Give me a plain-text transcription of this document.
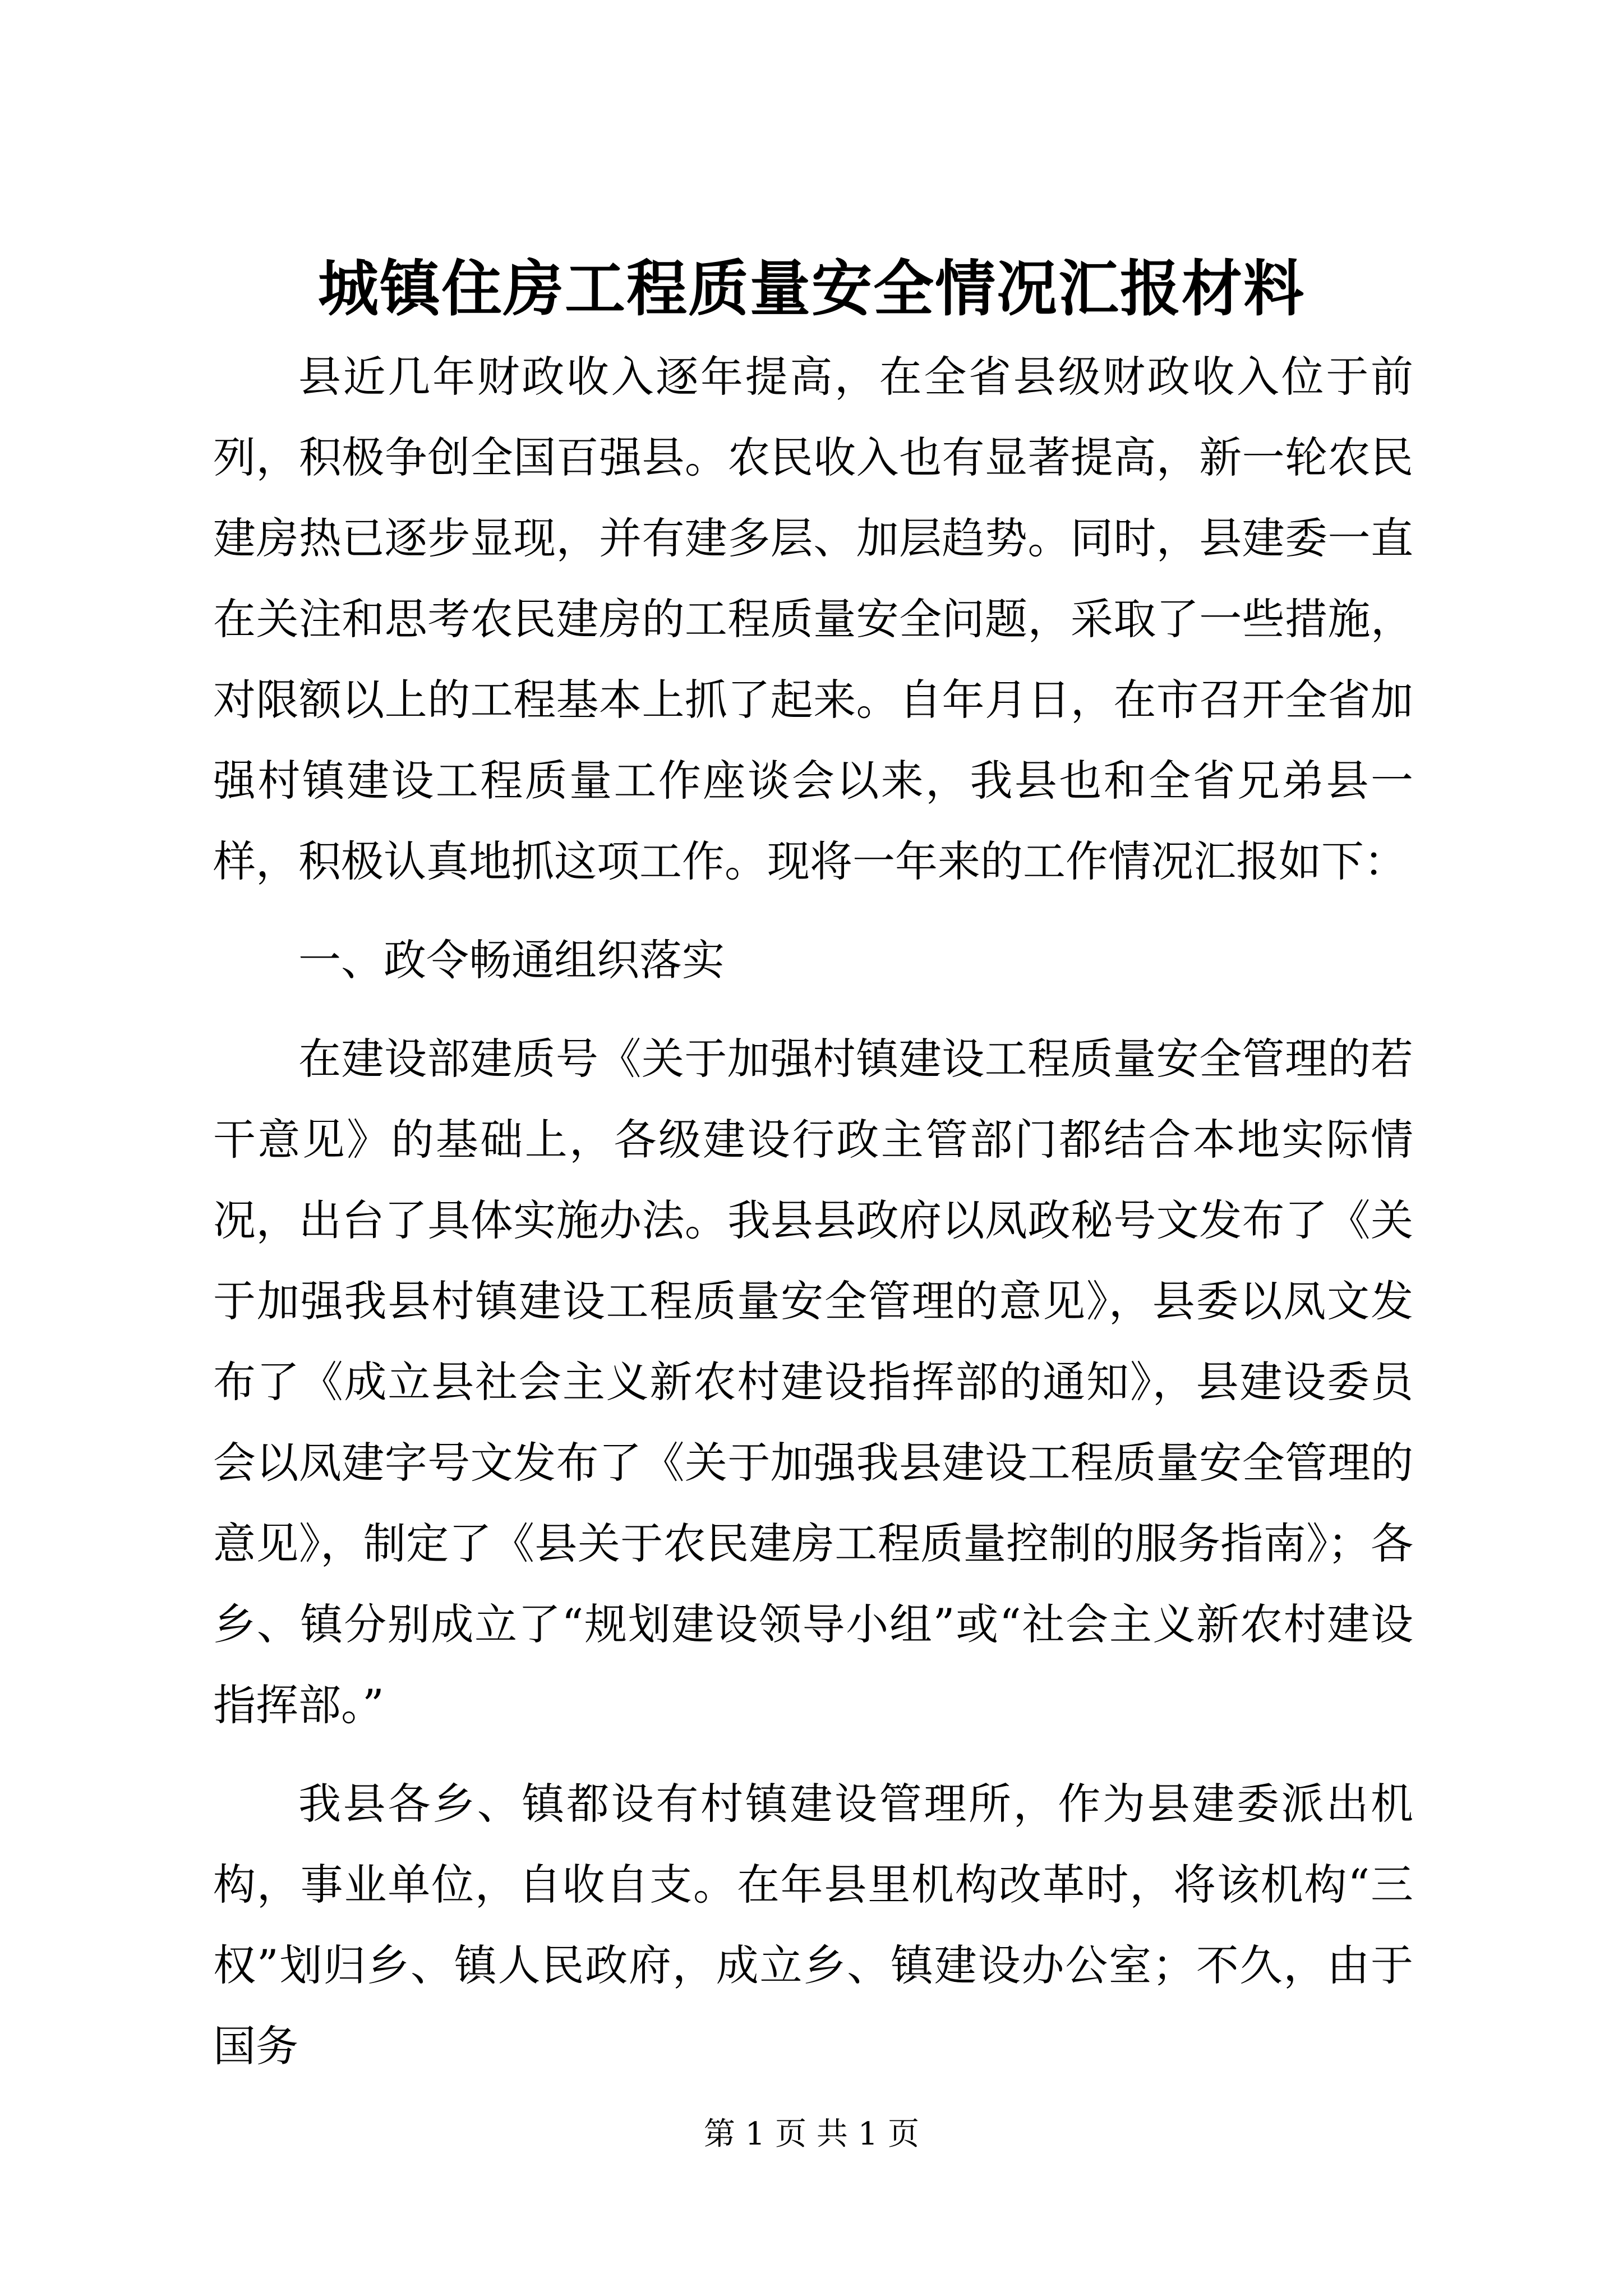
城镇住房工程质量安全情况汇报材料

县近几年财政收入逐年提高，在全省县级财政收入位于前列，积极争创全国百强县。农民收入也有显著提高，新一轮农民建房热已逐步显现，并有建多层、加层趋势。同时，县建委一直在关注和思考农民建房的工程质量安全问题，采取了一些措施，对限额以上的工程基本上抓了起来。自年月日，在市召开全省加强村镇建设工程质量工作座谈会以来，我县也和全省兄弟县一样，积极认真地抓这项工作。现将一年来的工作情况汇报如下：

一、政令畅通组织落实

在建设部建质号《关于加强村镇建设工程质量安全管理的若干意见》的基础上，各级建设行政主管部门都结合本地实际情况，出台了具体实施办法。我县县政府以凤政秘号文发布了《关于加强我县村镇建设工程质量安全管理的意见》，县委以凤文发布了《成立县社会主义新农村建设指挥部的通知》，县建设委员会以凤建字号文发布了《关于加强我县建设工程质量安全管理的意见》，制定了《县关于农民建房工程质量控制的服务指南》；各乡、镇分别成立了“规划建设领导小组”或“社会主义新农村建设指挥部。”

我县各乡、镇都设有村镇建设管理所，作为县建委派出机构，事业单位，自收自支。在年县里机构改革时，将该机构“三权”划归乡、镇人民政府，成立乡、镇建设办公室；不久，由于国务

第 1 页 共 1 页
